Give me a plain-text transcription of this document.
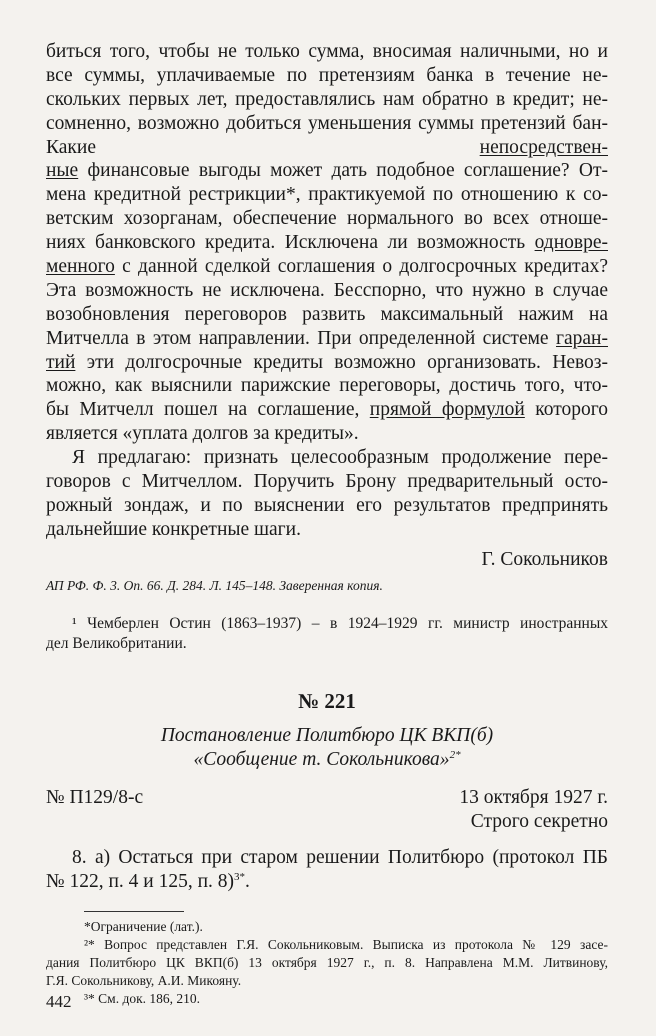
биться того, чтобы не только сумма, вносимая наличными, но и
все суммы, уплачиваемые по претензиям банка в течение не-
скольких первых лет, предоставлялись нам обратно в кредит; не-
сомненно, возможно добиться уменьшения суммы претензий бан-
Какие непосредствен-
ные финансовые выгоды может дать подобное соглашение? От-
мена кредитной рестрикции*, практикуемой по отношению к со-
ветским хозорганам, обеспечение нормального во всех отноше-
ниях банковского кредита. Исключена ли возможность одновре-
менного с данной сделкой соглашения о долгосрочных кредитах?
Эта возможность не исключена. Бесспорно, что нужно в случае
возобновления переговоров развить максимальный нажим на
Митчелла в этом направлении. При определенной системе гаран-
тий эти долгосрочные кредиты возможно организовать. Невоз-
можно, как выяснили парижские переговоры, достичь того, что-
бы Митчелл пошел на соглашение, прямой формулой которого
является «уплата долгов за кредиты».
Я предлагаю: признать целесообразным продолжение пере-
говоров с Митчеллом. Поручить Брону предварительный осто-
рожный зондаж, и по выяснении его результатов предпринять
дальнейшие конкретные шаги.
Г. Сокольников
АП РФ. Ф. 3. Оп. 66. Д. 284. Л. 145–148. Заверенная копия.
¹ Чемберлен Остин (1863–1937) – в 1924–1929 гг. министр иностранных
дел Великобритании.
№ 221
Постановление Политбюро ЦК ВКП(б)
«Сообщение т. Сокольникова»$^{2*}$
№ П129/8-с	13 октября 1927 г.
Строго секретно
8. а) Остаться при старом решении Политбюро (протокол ПБ
№ 122, п. 4 и 125, п. 8)$^{3*}$.
*Ограничение (лат.).
²* Вопрос представлен Г.Я. Сокольниковым. Выписка из протокола № 129 засе-
дания Политбюро ЦК ВКП(б) 13 октября 1927 г., п. 8. Направлена М.М. Литвинову,
Г.Я. Сокольникову, А.И. Микояну.
³* См. док. 186, 210.
442
